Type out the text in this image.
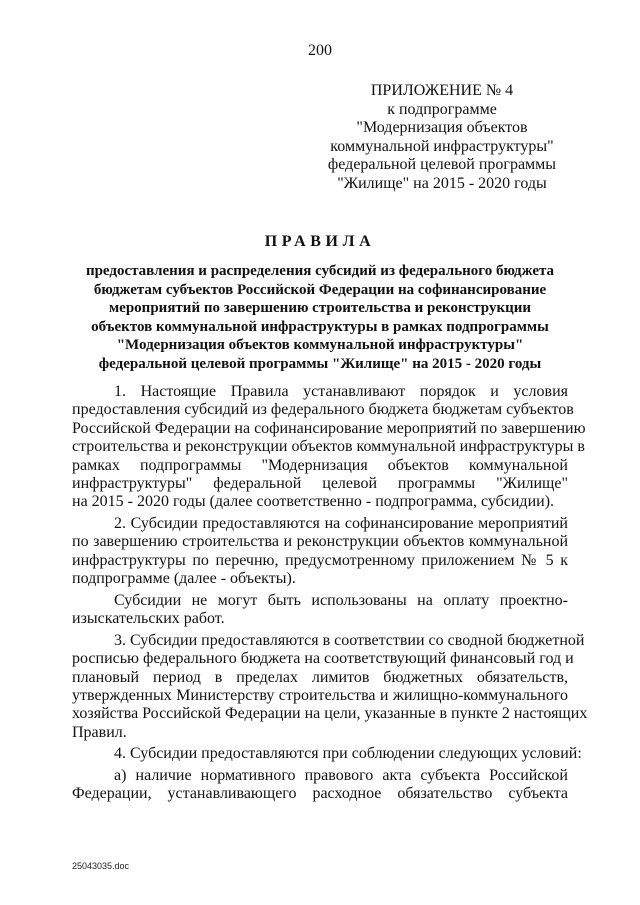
200
ПРИЛОЖЕНИЕ № 4
к подпрограмме
"Модернизация объектов
коммунальной инфраструктуры"
федеральной целевой программы
"Жилище" на 2015 - 2020 годы
ПРАВИЛА
предоставления и распределения субсидий из федерального бюджета
бюджетам субъектов Российской Федерации на софинансирование
мероприятий по завершению строительства и реконструкции
объектов коммунальной инфраструктуры в рамках подпрограммы
"Модернизация объектов коммунальной инфраструктуры"
федеральной целевой программы "Жилище" на 2015 - 2020 годы

1. Настоящие Правила устанавливают порядок и условия
предоставления субсидий из федерального бюджета бюджетам субъектов
Российской Федерации на софинансирование мероприятий по завершению
строительства и реконструкции объектов коммунальной инфраструктуры в
рамках подпрограммы "Модернизация объектов коммунальной
инфраструктуры" федеральной целевой программы "Жилище"
на 2015 - 2020 годы (далее соответственно - подпрограмма, субсидии).

2. Субсидии предоставляются на софинансирование мероприятий
по завершению строительства и реконструкции объектов коммунальной
инфраструктуры по перечню, предусмотренному приложением № 5 к
подпрограмме (далее - объекты).

Субсидии не могут быть использованы на оплату проектно-
изыскательских работ.

3. Субсидии предоставляются в соответствии со сводной бюджетной
росписью федерального бюджета на соответствующий финансовый год и
плановый период в пределах лимитов бюджетных обязательств,
утвержденных Министерству строительства и жилищно-коммунального
хозяйства Российской Федерации на цели, указанные в пункте 2 настоящих
Правил.

4. Субсидии предоставляются при соблюдении следующих условий:

а) наличие нормативного правового акта субъекта Российской
Федерации, устанавливающего расходное обязательство субъекта

25043035.doc
